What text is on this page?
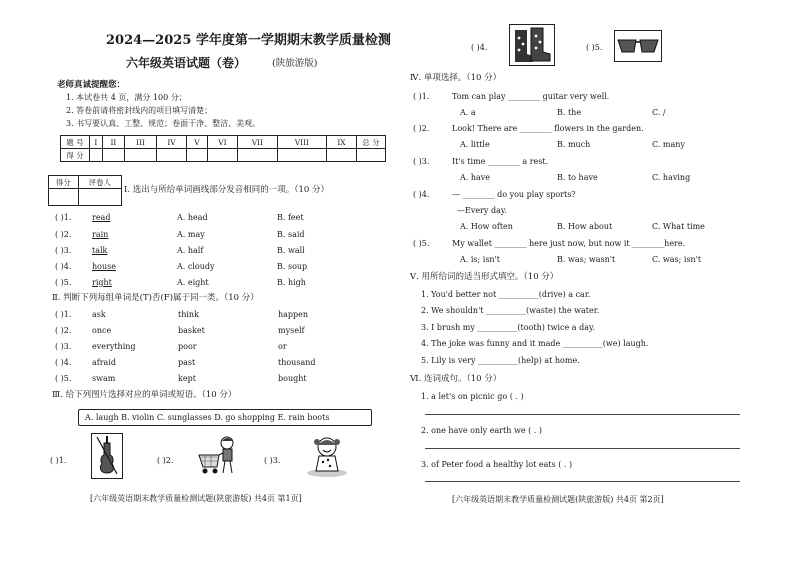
2024—2025 学年度第一学期期末教学质量检测
六年级英语试题（卷）	(陕旅游版)
老师真诚提醒您：
1. 本试卷共 4 页，满分 100 分；
2. 答卷前请将密封线内的项目填写清楚；
3. 书写要认真、工整、规范；卷面干净、整洁、美观。
题 号	I	II	III	IV	V	VI	VII	VIII	IX	总 分
得 分										
得分	评卷人

Ⅰ. 选出与所给单词画线部分发音相同的一项。（10 分）
( )1.	read	A. head	B. feet
( )2.	rain	A. may	B. said
( )3.	talk	A. half	B. wall
( )4.	house	A. cloudy	B. soup
( )5.	right	A. eight	B. high
Ⅱ. 判断下列每组单词是(T)否(F)属于同一类。（10 分）
( )1.	ask	think	happen
( )2.	once	basket	myself
( )3.	everything	poor	or
( )4.	afraid	past	thousand
( )5.	swam	kept	bought
Ⅲ. 给下列图片选择对应的单词或短语。（10 分）
A. laugh B. violin C. sunglasses D. go shopping E. rain boots
( )1.	( )2.	( )3.
[六年级英语期末教学质量检测试题(陕旅游版) 共4页 第1页]
( )4.	( )5.
Ⅳ. 单项选择。（10 分）
( )1.	Tom can play ________ guitar very well.
A. a	B. the	C. /
( )2.	Look! There are ________ flowers in the garden.
A. little	B. much	C. many
( )3.	It's time ________ a rest.
A. have	B. to have	C. having
( )4.	— ________ do you play sports?
—Every day.
A. How often	B. How about	C. What time
( )5.	My wallet ________ here just now, but now it ________here.
A. is; isn't	B. was; wasn't	C. was; isn't
Ⅴ. 用所给词的适当形式填空。（10 分）
1. You'd better not __________(drive) a car.
2. We shouldn't __________(waste) the water.
3. I brush my __________(tooth) twice a day.
4. The joke was funny and it made __________(we) laugh.
5. Lily is very __________(help) at home.
Ⅵ. 连词成句。（10 分）
1. a let's on picnic go ( . )
2. one have only earth we ( . )
3. of Peter food a healthy lot eats ( . )
[六年级英语期末教学质量检测试题(陕旅游版) 共4页 第2页]
